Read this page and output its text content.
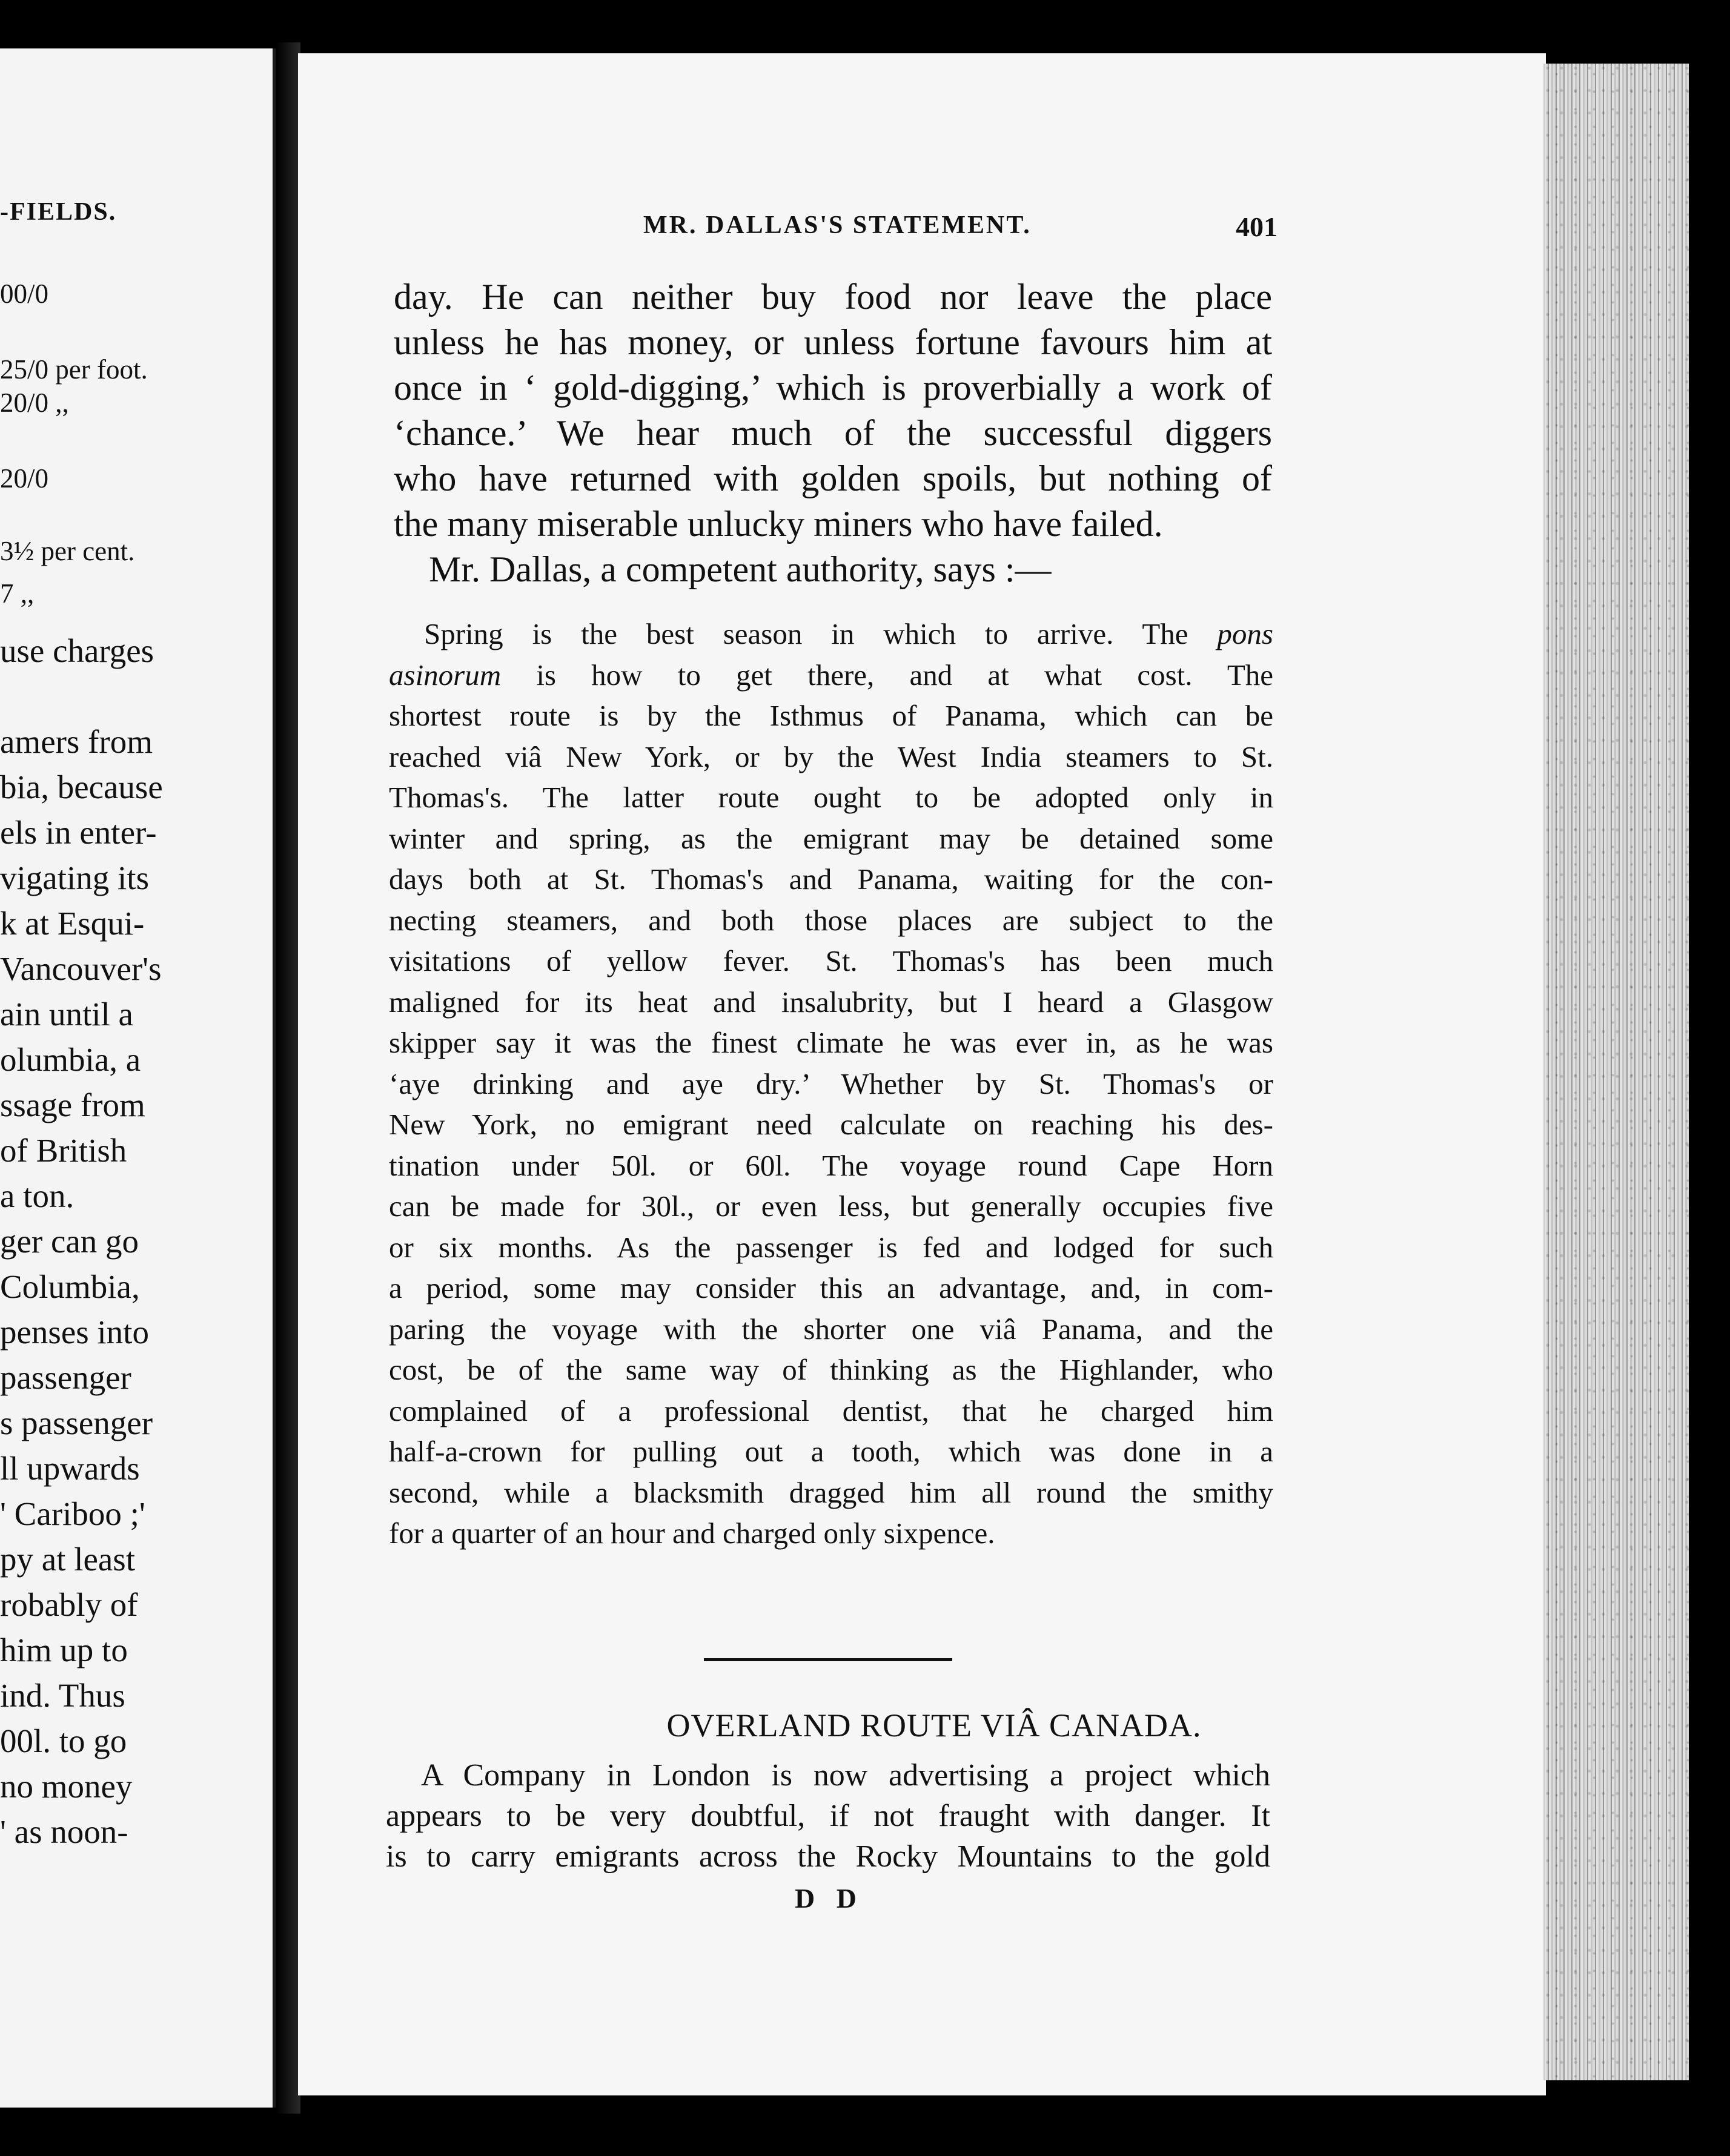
-FIELDS.
00/0
25/0 per foot.
20/0 ,,
20/0
3½ per cent.
7 ,,
use charges
amers from
bia, because
els in enter-
vigating its
k at Esqui-
Vancouver's
ain until a
olumbia, a
ssage from
of British
a ton.
ger can go
Columbia,
penses into
passenger
s passenger
ll upwards
' Cariboo ;'
py at least
robably of
him up to
ind. Thus
00l. to go
no money
' as noon-
MR. DALLAS'S STATEMENT.	401

day. He can neither buy food nor leave the place

unless he has money, or unless fortune favours him at

once in ‘ gold-digging,’ which is proverbially a work of

‘chance.’ We hear much of the successful diggers

who have returned with golden spoils, but nothing of

the many miserable unlucky miners who have failed.

Mr. Dallas, a competent authority, says :—

Spring is the best season in which to arrive. The pons

asinorum is how to get there, and at what cost. The

shortest route is by the Isthmus of Panama, which can be

reached viâ New York, or by the West India steamers to St.

Thomas's. The latter route ought to be adopted only in

winter and spring, as the emigrant may be detained some

days both at St. Thomas's and Panama, waiting for the con-

necting steamers, and both those places are subject to the

visitations of yellow fever. St. Thomas's has been much

maligned for its heat and insalubrity, but I heard a Glasgow

skipper say it was the finest climate he was ever in, as he was

‘aye drinking and aye dry.’ Whether by St. Thomas's or

New York, no emigrant need calculate on reaching his des-

tination under 50l. or 60l. The voyage round Cape Horn

can be made for 30l., or even less, but generally occupies five

or six months. As the passenger is fed and lodged for such

a period, some may consider this an advantage, and, in com-

paring the voyage with the shorter one viâ Panama, and the

cost, be of the same way of thinking as the Highlander, who

complained of a professional dentist, that he charged him

half-a-crown for pulling out a tooth, which was done in a

second, while a blacksmith dragged him all round the smithy

for a quarter of an hour and charged only sixpence.

OVERLAND ROUTE VIÂ CANADA.

A Company in London is now advertising a project which

appears to be very doubtful, if not fraught with danger. It

is to carry emigrants across the Rocky Mountains to the gold

D D
